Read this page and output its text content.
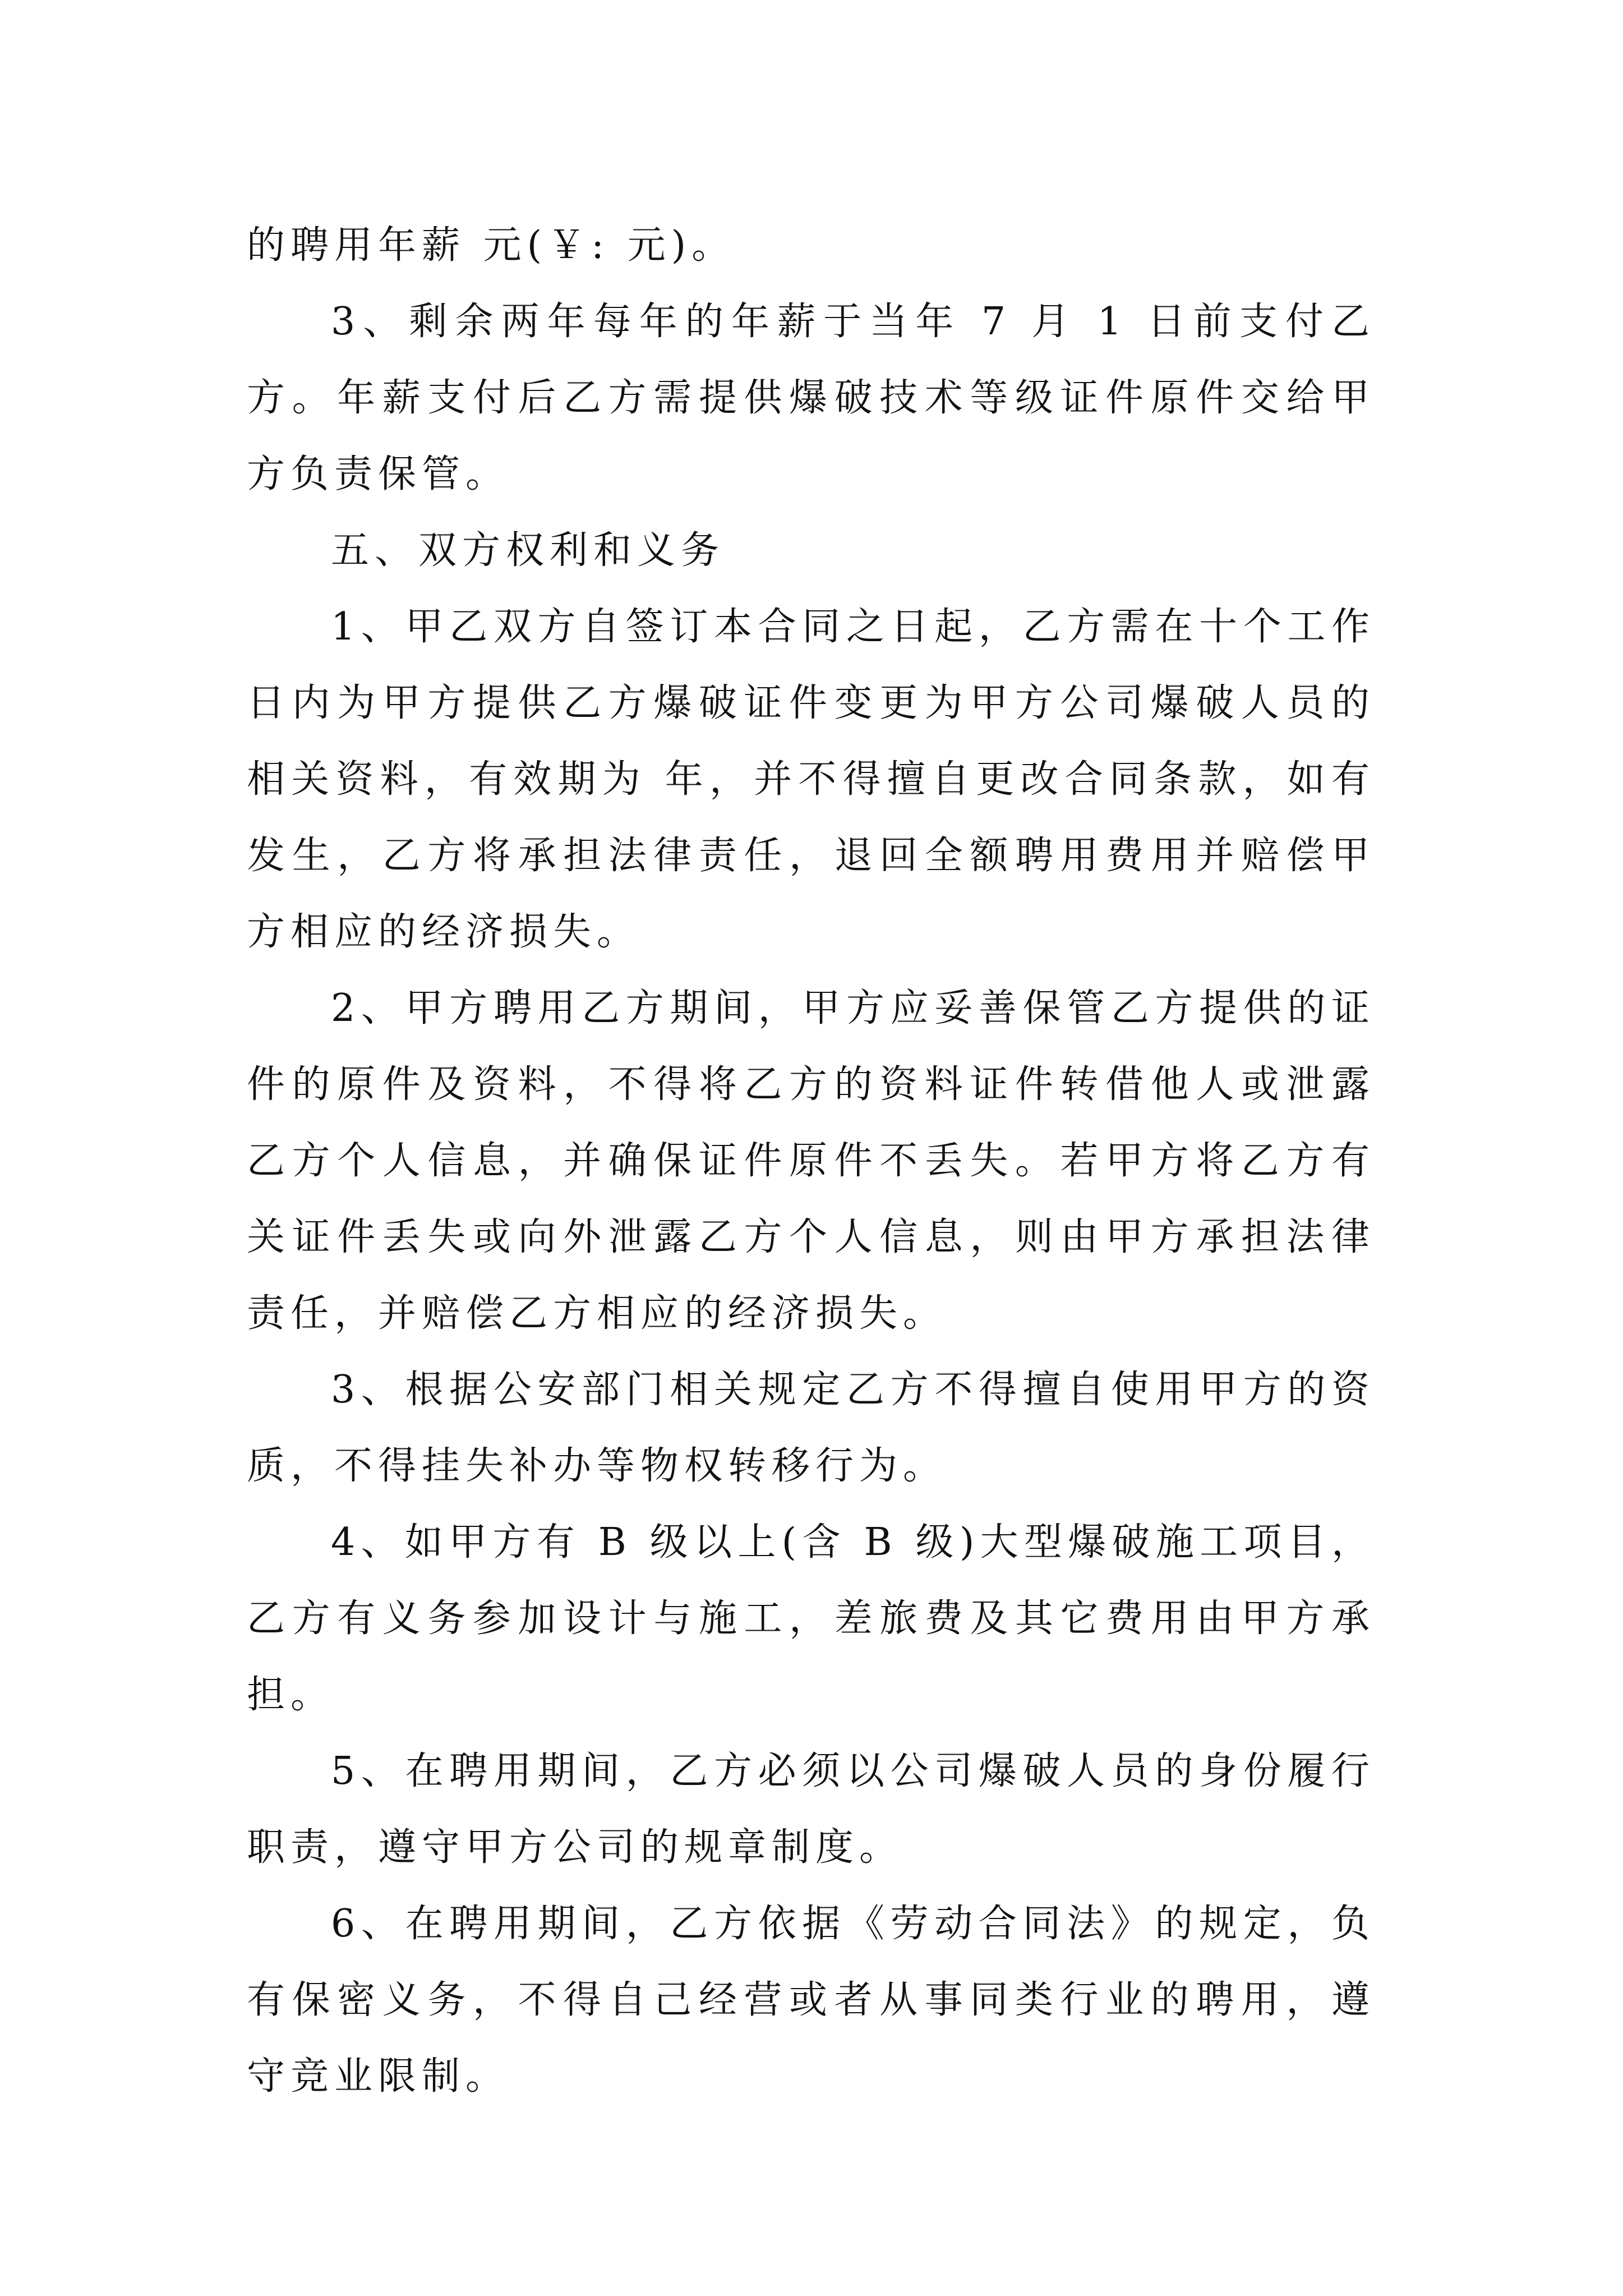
的聘用年薪 元(￥: 元)。

3、剩余两年每年的年薪于当年 7 月 1 日前支付乙方。年薪支付后乙方需提供爆破技术等级证件原件交给甲方负责保管。

五、双方权利和义务

1、甲乙双方自签订本合同之日起，乙方需在十个工作日内为甲方提供乙方爆破证件变更为甲方公司爆破人员的相关资料，有效期为 年，并不得擅自更改合同条款，如有发生，乙方将承担法律责任，退回全额聘用费用并赔偿甲方相应的经济损失。

2、甲方聘用乙方期间，甲方应妥善保管乙方提供的证件的原件及资料，不得将乙方的资料证件转借他人或泄露乙方个人信息，并确保证件原件不丢失。若甲方将乙方有关证件丢失或向外泄露乙方个人信息，则由甲方承担法律责任，并赔偿乙方相应的经济损失。

3、根据公安部门相关规定乙方不得擅自使用甲方的资质，不得挂失补办等物权转移行为。

4、如甲方有 B 级以上(含 B 级)大型爆破施工项目，乙方有义务参加设计与施工，差旅费及其它费用由甲方承担。

5、在聘用期间，乙方必须以公司爆破人员的身份履行职责，遵守甲方公司的规章制度。

6、在聘用期间，乙方依据《劳动合同法》的规定，负有保密义务，不得自己经营或者从事同类行业的聘用，遵守竞业限制。
